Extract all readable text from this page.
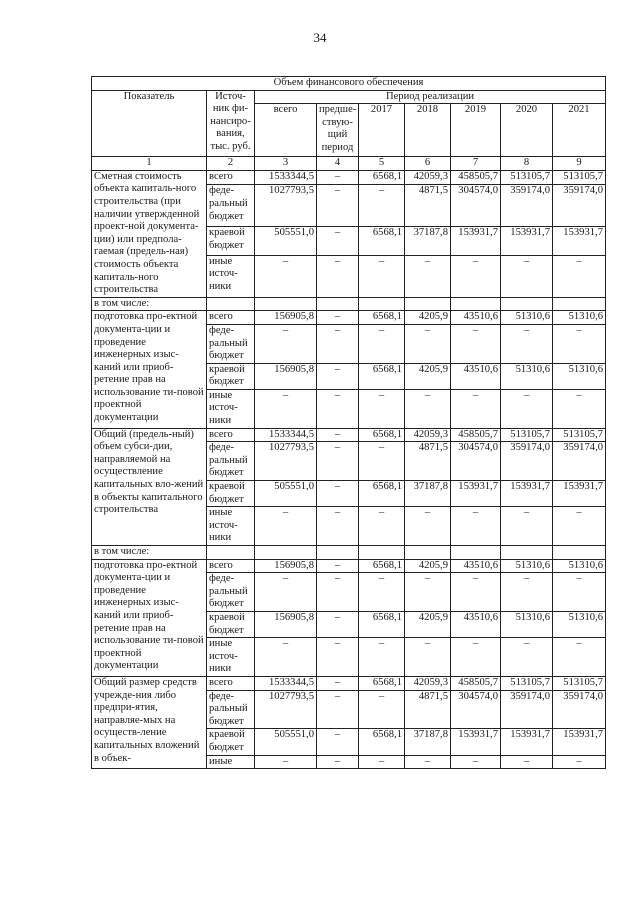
34
Объем финансового обеспечения								
Показатель	Источ-ник фи-нансиро-вания, тыс. руб.	Период реализации						
		всего	предше-ствую-щий период	2017	2018	2019	2020	2021
1	2	3	4	5	6	7	8	9
Сметная стоимость объекта капиталь-ного строительства (при наличии утвержденной проект-ной документа-ции) или предпола-гаемая (предель-ная) стоимость объекта капиталь-ного строительства	всего	1533344,5	–	6568,1	42059,3	458505,7	513105,7	513105,7
	феде-ральный бюджет	1027793,5	–	–	4871,5	304574,0	359174,0	359174,0
	краевой бюджет	505551,0	–	6568,1	37187,8	153931,7	153931,7	153931,7
	иные источ-ники	–	–	–	–	–	–	–
в том числе:								
подготовка про-ектной документа-ции и проведение инженерных изыс-каний или приоб-ретение прав на использование ти-повой проектной документации	всего	156905,8	–	6568,1	4205,9	43510,6	51310,6	51310,6
	феде-ральный бюджет	–	–	–	–	–	–	–
	краевой бюджет	156905,8	–	6568,1	4205,9	43510,6	51310,6	51310,6
	иные источ-ники	–	–	–	–	–	–	–
Общий (предель-ный) объем субси-дии, направляемой на осуществление капитальных вло-жений в объекты капитального строительства	всего	1533344,5	–	6568,1	42059,3	458505,7	513105,7	513105,7
	феде-ральный бюджет	1027793,5	–	–	4871,5	304574,0	359174,0	359174,0
	краевой бюджет	505551,0	–	6568,1	37187,8	153931,7	153931,7	153931,7
	иные источ-ники	–	–	–	–	–	–	–
в том числе:								
подготовка про-ектной документа-ции и проведение инженерных изыс-каний или приоб-ретение прав на использование ти-повой проектной документации	всего	156905,8	–	6568,1	4205,9	43510,6	51310,6	51310,6
	феде-ральный бюджет	–	–	–	–	–	–	–
	краевой бюджет	156905,8	–	6568,1	4205,9	43510,6	51310,6	51310,6
	иные источ-ники	–	–	–	–	–	–	–
Общий размер средств учрежде-ния либо предпри-ятия, направляе-мых на осуществ-ление капитальных вложений в объек-	всего	1533344,5	–	6568,1	42059,3	458505,7	513105,7	513105,7
	феде-ральный бюджет	1027793,5	–	–	4871,5	304574,0	359174,0	359174,0
	краевой бюджет	505551,0	–	6568,1	37187,8	153931,7	153931,7	153931,7
	иные	–	–	–	–	–	–	–
